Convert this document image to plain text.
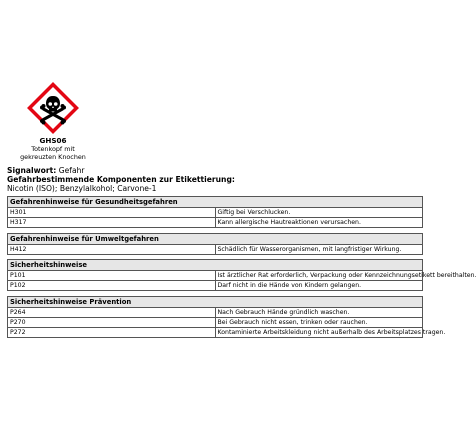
GHS06
Totenkopf mit gekreuzten Knochen
Signalwort: Gefahr
Gefahrbestimmende Komponenten zur Etikettierung:
Nicotin (ISO); Benzylalkohol; Carvone-1
Gefahrenhinweise für Gesundheitsgefahren	
H301	Giftig bei Verschlucken.
H317	Kann allergische Hautreaktionen verursachen.
Gefahrenhinweise für Umweltgefahren
H412	Schädlich für Wasserorganismen, mit langfristiger Wirkung.
Sicherheitshinweise	
P101	Ist ärztlicher Rat erforderlich, Verpackung oder Kennzeichnungsetikett bereithalten.
P102	Darf nicht in die Hände von Kindern gelangen.
Sicherheitshinweise Prävention	
P264	Nach Gebrauch Hände gründlich waschen.
P270	Bei Gebrauch nicht essen, trinken oder rauchen.
P272	Kontaminierte Arbeitskleidung nicht außerhalb des Arbeitsplatzes tragen.
